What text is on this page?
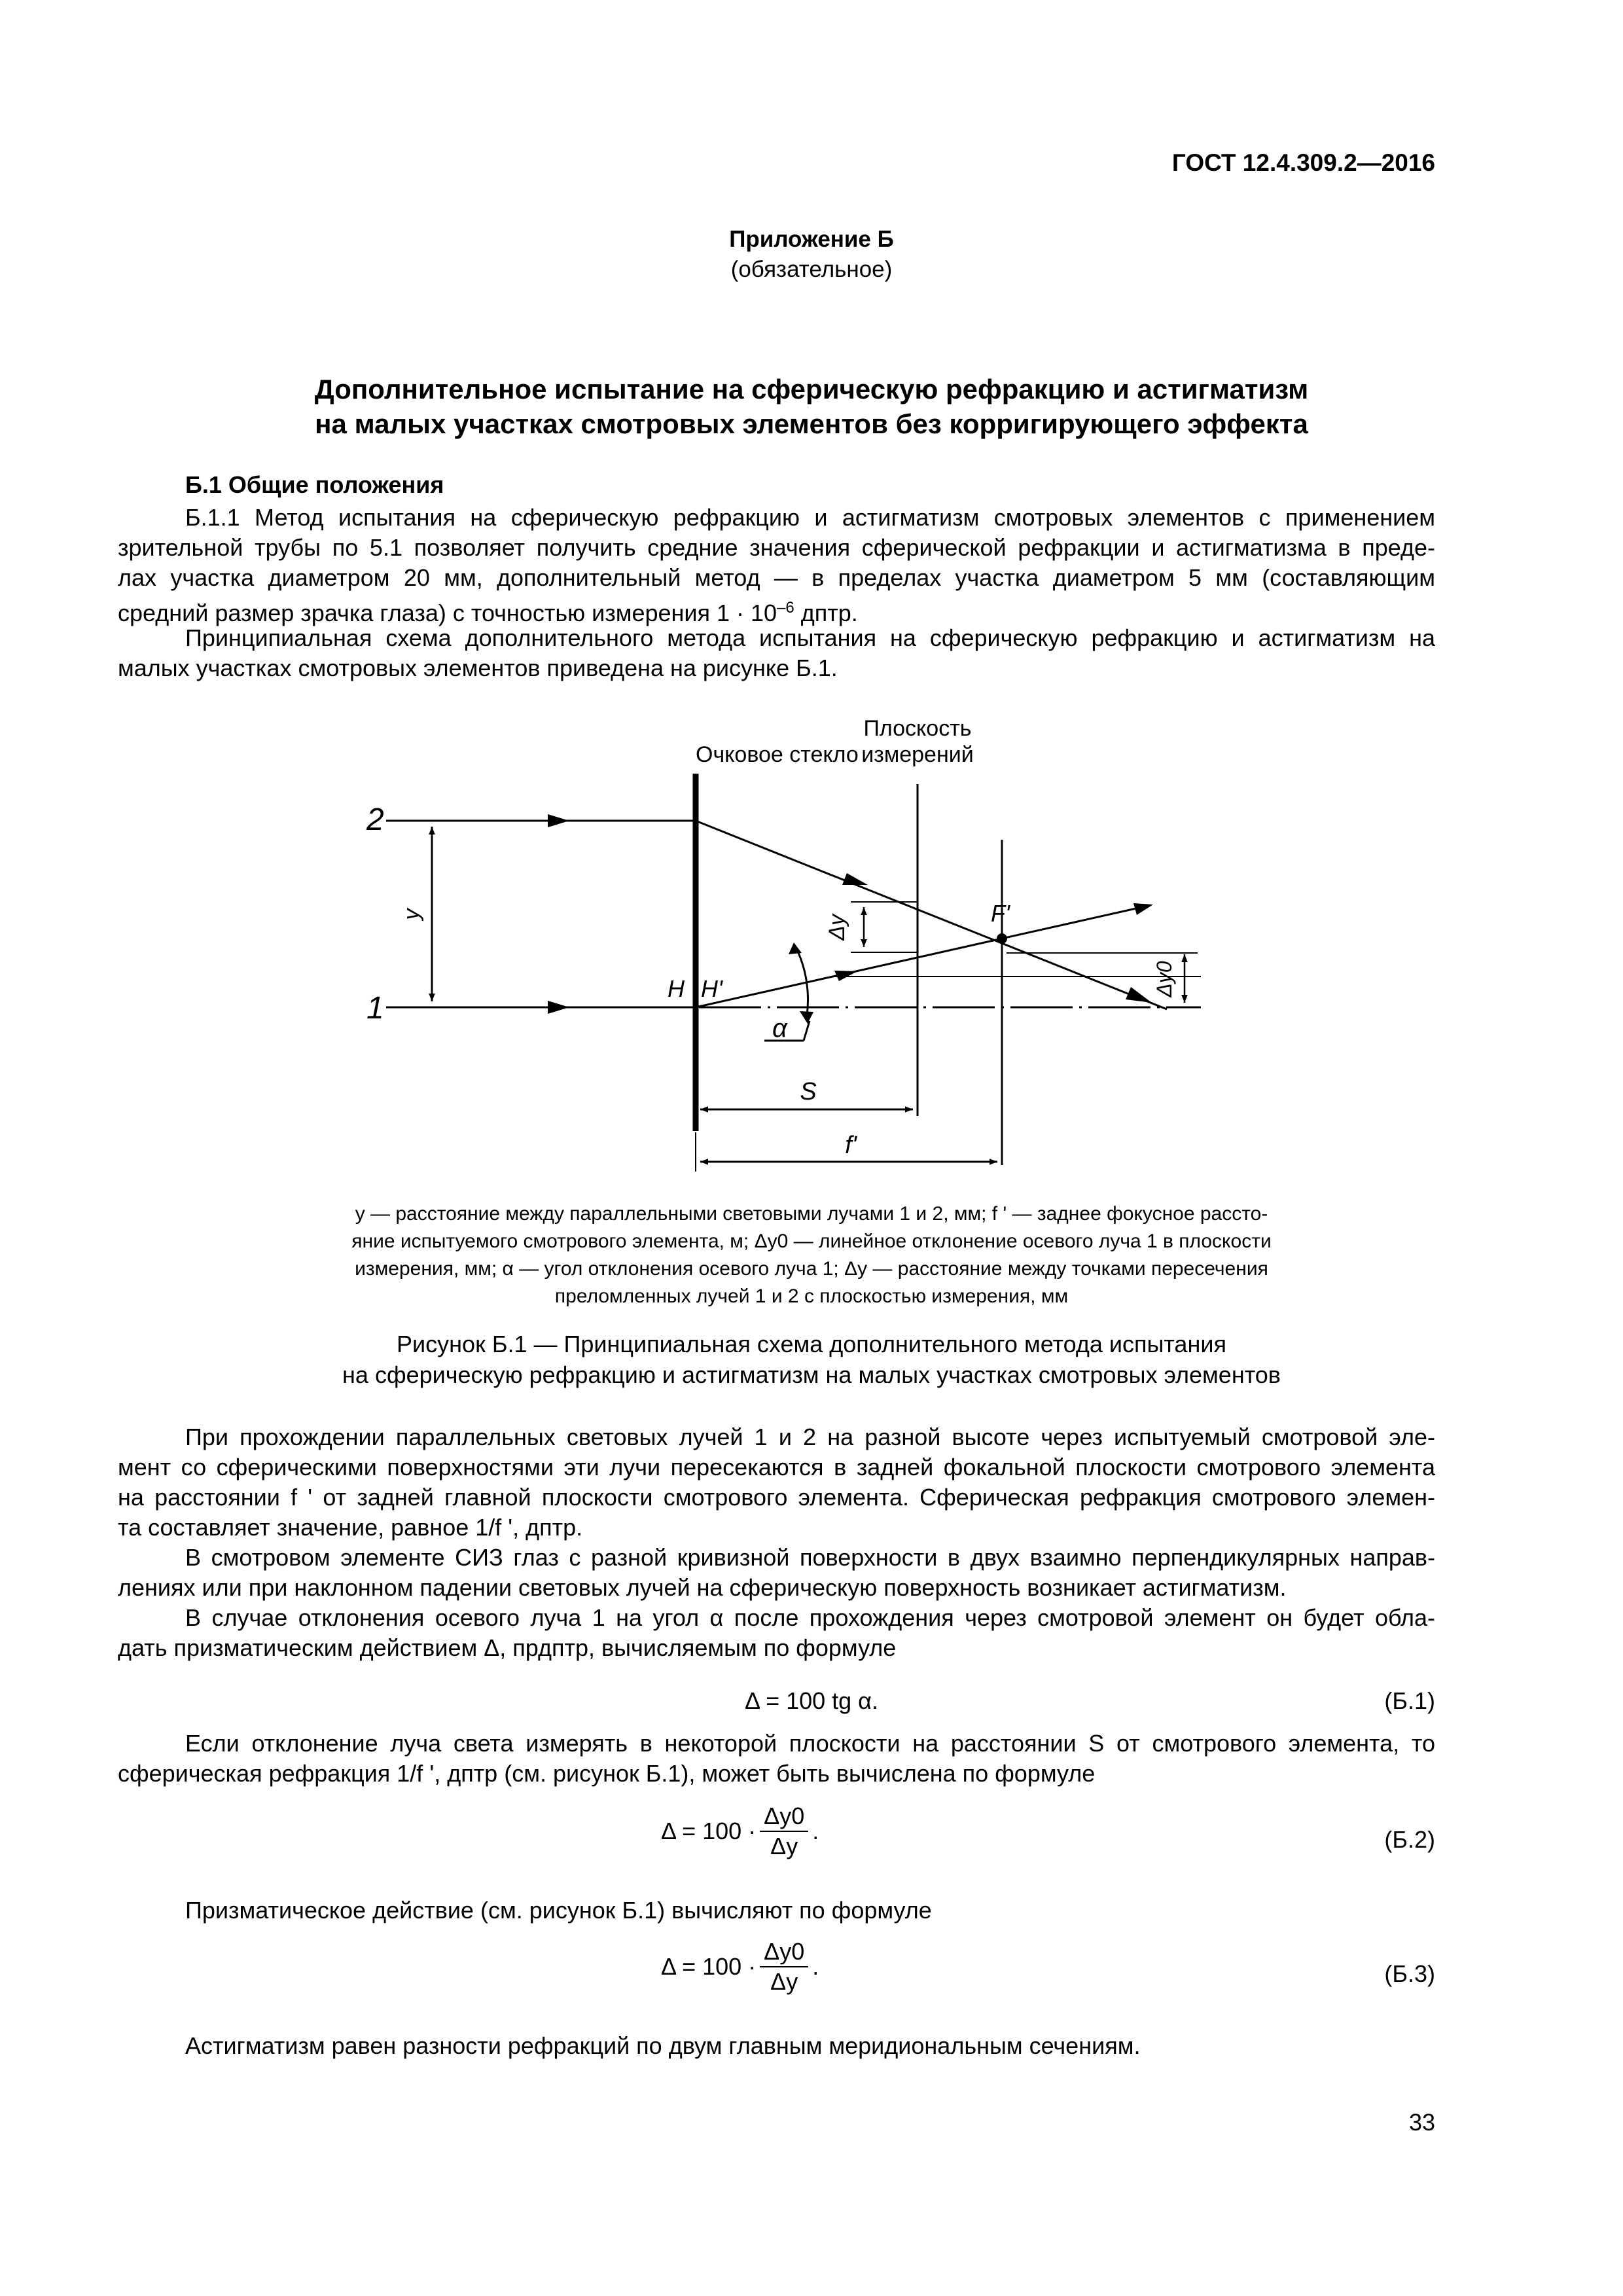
ГОСТ 12.4.309.2—2016
Приложение Б
(обязательное)
Дополнительное испытание на сферическую рефракцию и астигматизм
на малых участках смотровых элементов без корригирующего эффекта
Б.1 Общие положения
Б.1.1 Метод испытания на сферическую рефракцию и астигматизм смотровых элементов с применением
зрительной трубы по 5.1 позволяет получить средние значения сферической рефракции и астигматизма в преде-
лах участка диаметром 20 мм, дополнительный метод — в пределах участка диаметром 5 мм (составляющим
средний размер зрачка глаза) с точностью измерения $1 \cdot 10^{-6}$ дптр.
Принципиальная схема дополнительного метода испытания на сферическую рефракцию и астигматизм на
малых участках смотровых элементов приведена на рисунке Б.1.
Очковое стекло
Плоскость
измерений
y
2
1
H H'
α
Δy
Δy0
F'
S
f'
y — расстояние между параллельными световыми лучами 1 и 2, мм; f ' — заднее фокусное рассто-
яние испытуемого смотрового элемента, м; Δy0 — линейное отклонение осевого луча 1 в плоскости
измерения, мм; α — угол отклонения осевого луча 1; Δy — расстояние между точками пересечения
преломленных лучей 1 и 2 с плоскостью измерения, мм
Рисунок Б.1 — Принципиальная схема дополнительного метода испытания
на сферическую рефракцию и астигматизм на малых участках смотровых элементов
При прохождении параллельных световых лучей 1 и 2 на разной высоте через испытуемый смотровой эле-
мент со сферическими поверхностями эти лучи пересекаются в задней фокальной плоскости смотрового элемента
на расстоянии f ' от задней главной плоскости смотрового элемента. Сферическая рефракция смотрового элемен-
та составляет значение, равное 1/f ', дптр.
В смотровом элементе СИЗ глаз с разной кривизной поверхности в двух взаимно перпендикулярных направ-
лениях или при наклонном падении световых лучей на сферическую поверхность возникает астигматизм.
В случае отклонения осевого луча 1 на угол α после прохождения через смотровой элемент он будет обла-
дать призматическим действием Δ, прдптр, вычисляемым по формуле
Δ = 100 tg α.	(Б.1)
Если отклонение луча света измерять в некоторой плоскости на расстоянии S от смотрового элемента, то
сферическая рефракция 1/f ', дптр (см. рисунок Б.1), может быть вычислена по формуле
$\Delta = 100 \cdot \frac{\Delta y0}{\Delta y}$ .	(Б.2)
Призматическое действие (см. рисунок Б.1) вычисляют по формуле
$\Delta = 100 \cdot \frac{\Delta y0}{\Delta y}$ .	(Б.3)
Астигматизм равен разности рефракций по двум главным меридиональным сечениям.
33
